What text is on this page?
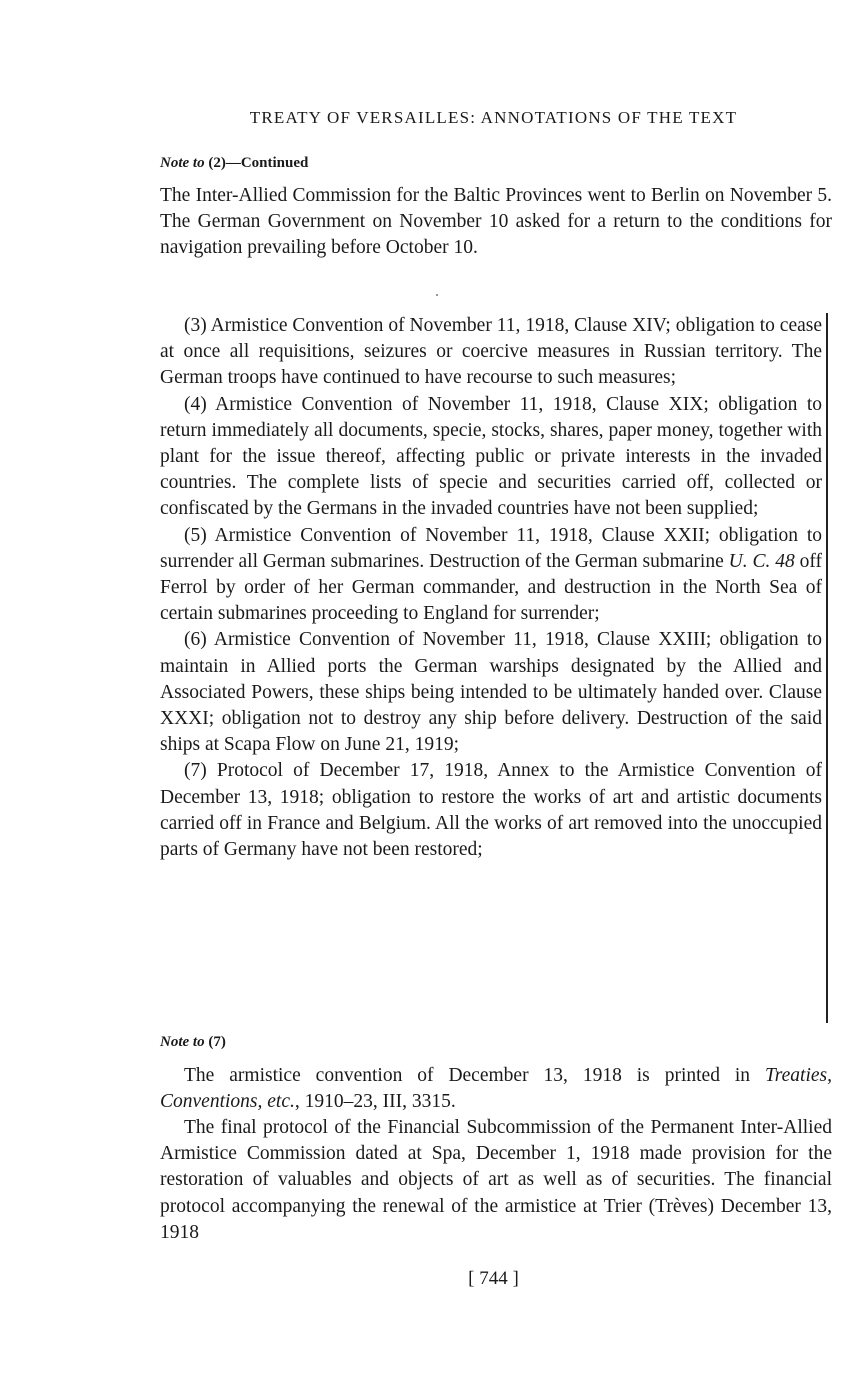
TREATY OF VERSAILLES: ANNOTATIONS OF THE TEXT
Note to (2)—Continued
The Inter-Allied Commission for the Baltic Provinces went to Berlin on November 5. The German Government on November 10 asked for a return to the conditions for navigation prevailing before October 10.
(3) Armistice Convention of November 11, 1918, Clause XIV; obligation to cease at once all requisitions, seizures or coercive measures in Russian territory. The German troops have continued to have recourse to such measures;
(4) Armistice Convention of November 11, 1918, Clause XIX; obligation to return immediately all documents, specie, stocks, shares, paper money, together with plant for the issue thereof, affecting public or private interests in the invaded countries. The complete lists of specie and securities carried off, collected or confiscated by the Germans in the invaded countries have not been supplied;
(5) Armistice Convention of November 11, 1918, Clause XXII; obligation to surrender all German submarines. Destruction of the German submarine U. C. 48 off Ferrol by order of her German commander, and destruction in the North Sea of certain submarines proceeding to England for surrender;
(6) Armistice Convention of November 11, 1918, Clause XXIII; obligation to maintain in Allied ports the German warships designated by the Allied and Associated Powers, these ships being intended to be ultimately handed over. Clause XXXI; obligation not to destroy any ship before delivery. Destruction of the said ships at Scapa Flow on June 21, 1919;
(7) Protocol of December 17, 1918, Annex to the Armistice Convention of December 13, 1918; obligation to restore the works of art and artistic documents carried off in France and Belgium. All the works of art removed into the unoccupied parts of Germany have not been restored;
Note to (7)
The armistice convention of December 13, 1918 is printed in Treaties, Conventions, etc., 1910–23, III, 3315.
The final protocol of the Financial Subcommission of the Permanent Inter-Allied Armistice Commission dated at Spa, December 1, 1918 made provision for the restoration of valuables and objects of art as well as of securities. The financial protocol accompanying the renewal of the armistice at Trier (Trèves) December 13, 1918
[ 744 ]
